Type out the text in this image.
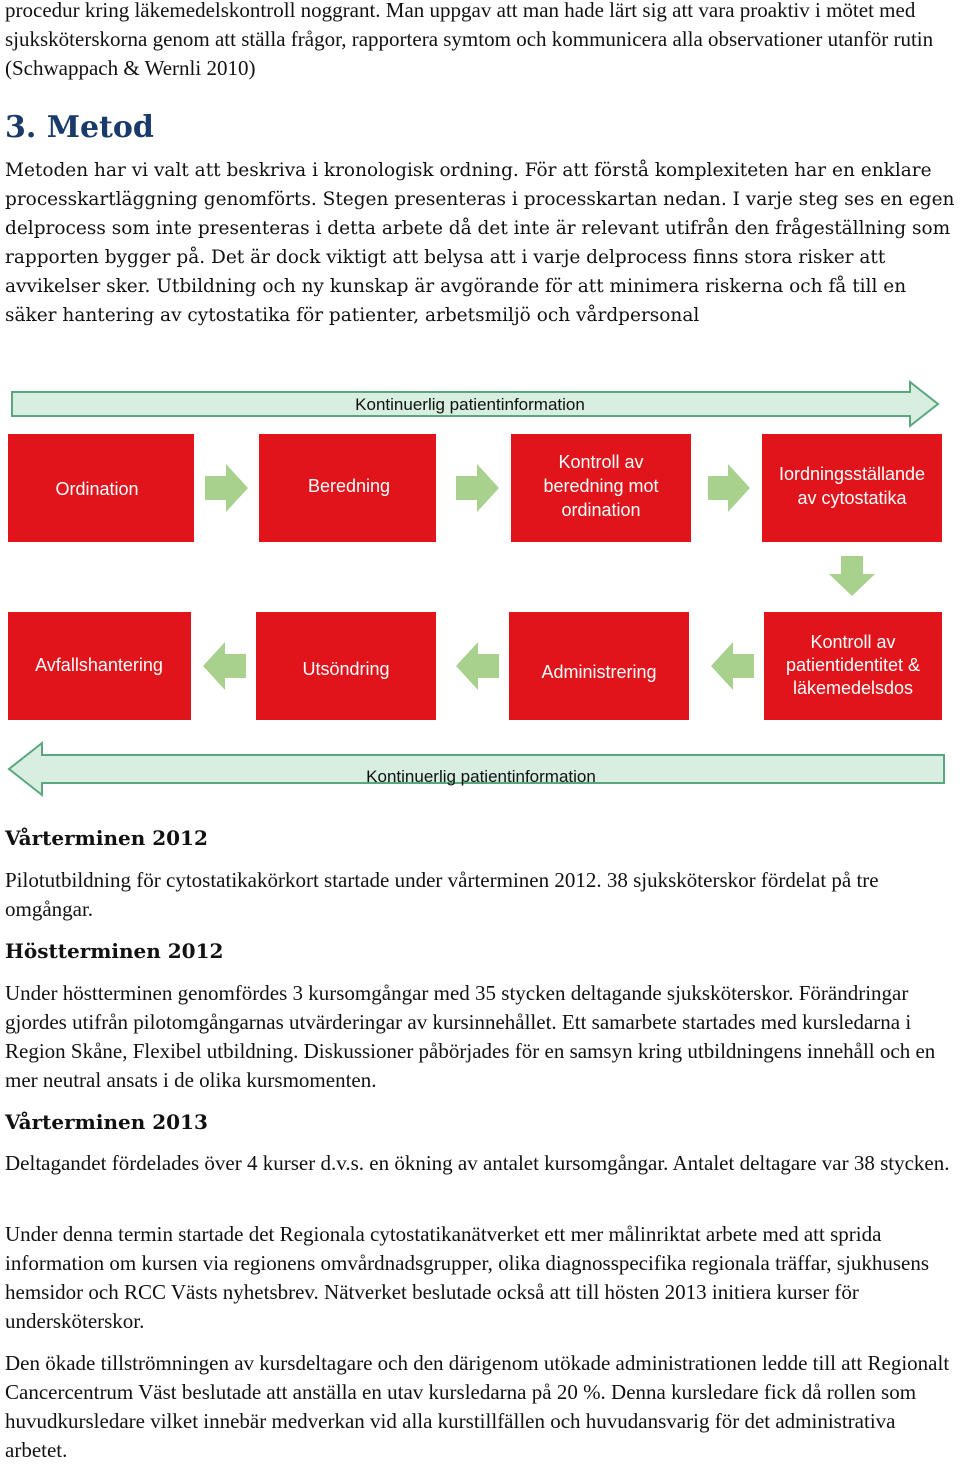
procedur kring läkemedelskontroll noggrant. Man uppgav att man hade lärt sig att vara proaktiv i mötet med sjuksköterskorna genom att ställa frågor, rapportera symtom och kommunicera alla observationer utanför rutin (Schwappach & Wernli 2010)

3. Metod

Metoden har vi valt att beskriva i kronologisk ordning. För att förstå komplexiteten har en enklare processkartläggning genomförts. Stegen presenteras i processkartan nedan. I varje steg ses en egen delprocess som inte presenteras i detta arbete då det inte är relevant utifrån den frågeställning som rapporten bygger på. Det är dock viktigt att belysa att i varje delprocess finns stora risker att avvikelser sker. Utbildning och ny kunskap är avgörande för att minimera riskerna och få till en säker hantering av cytostatika för patienter, arbetsmiljö och vårdpersonal

Kontinuerlig patientinformation
Ordination	Beredning
Kontroll av
beredning mot
ordination
Iordningsställande
av cytostatika
Avfallshantering	Utsöndring	Administrering
Kontroll av
patientidentitet &
läkemedelsdos
Kontinuerlig patientinformation
Vårterminen 2012

Pilotutbildning för cytostatikakörkort startade under vårterminen 2012. 38 sjuksköterskor fördelat på tre omgångar.

Höstterminen 2012

Under höstterminen genomfördes 3 kursomgångar med 35 stycken deltagande sjuksköterskor. Förändringar gjordes utifrån pilotomgångarnas utvärderingar av kursinnehållet. Ett samarbete startades med kursledarna i Region Skåne, Flexibel utbildning. Diskussioner påbörjades för en samsyn kring utbildningens innehåll och en mer neutral ansats i de olika kursmomenten.

Vårterminen 2013

Deltagandet fördelades över 4 kurser d.v.s. en ökning av antalet kursomgångar. Antalet deltagare var 38 stycken.

Under denna termin startade det Regionala cytostatikanätverket ett mer målinriktat arbete med att sprida information om kursen via regionens omvårdnadsgrupper, olika diagnosspecifika regionala träffar, sjukhusens hemsidor och RCC Västs nyhetsbrev. Nätverket beslutade också att till hösten 2013 initiera kurser för undersköterskor.

Den ökade tillströmningen av kursdeltagare och den därigenom utökade administrationen ledde till att Regionalt Cancercentrum Väst beslutade att anställa en utav kursledarna på 20 %. Denna kursledare fick då rollen som huvudkursledare vilket innebär medverkan vid alla kurstillfällen och huvudansvarig för det administrativa arbetet.
